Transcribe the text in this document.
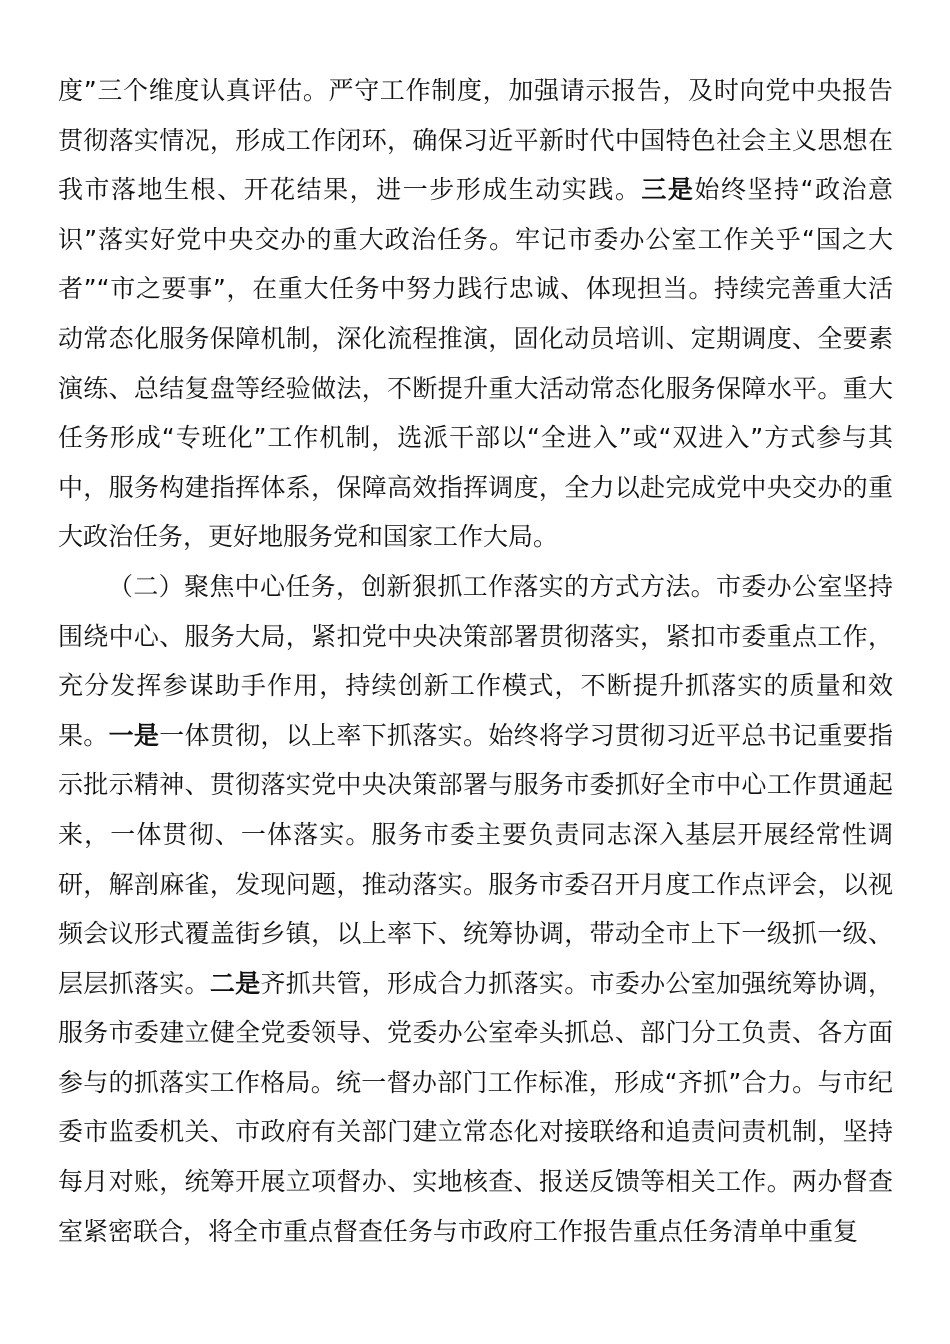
度”三个维度认真评估。严守工作制度，加强请示报告，及时向党中央报告贯彻落实情况，形成工作闭环，确保习近平新时代中国特色社会主义思想在我市落地生根、开花结果，进一步形成生动实践。三是始终坚持“政治意识”落实好党中央交办的重大政治任务。牢记市委办公室工作关乎“国之大者”“市之要事”，在重大任务中努力践行忠诚、体现担当。持续完善重大活动常态化服务保障机制，深化流程推演，固化动员培训、定期调度、全要素演练、总结复盘等经验做法，不断提升重大活动常态化服务保障水平。重大任务形成“专班化”工作机制，选派干部以“全进入”或“双进入”方式参与其中，服务构建指挥体系，保障高效指挥调度，全力以赴完成党中央交办的重大政治任务，更好地服务党和国家工作大局。

（二）聚焦中心任务，创新狠抓工作落实的方式方法。市委办公室坚持围绕中心、服务大局，紧扣党中央决策部署贯彻落实，紧扣市委重点工作，充分发挥参谋助手作用，持续创新工作模式，不断提升抓落实的质量和效果。一是一体贯彻，以上率下抓落实。始终将学习贯彻习近平总书记重要指示批示精神、贯彻落实党中央决策部署与服务市委抓好全市中心工作贯通起来，一体贯彻、一体落实。服务市委主要负责同志深入基层开展经常性调研，解剖麻雀，发现问题，推动落实。服务市委召开月度工作点评会，以视频会议形式覆盖街乡镇，以上率下、统筹协调，带动全市上下一级抓一级、层层抓落实。二是齐抓共管，形成合力抓落实。市委办公室加强统筹协调，服务市委建立健全党委领导、党委办公室牵头抓总、部门分工负责、各方面参与的抓落实工作格局。统一督办部门工作标准，形成“齐抓”合力。与市纪委市监委机关、市政府有关部门建立常态化对接联络和追责问责机制，坚持每月对账，统筹开展立项督办、实地核查、报送反馈等相关工作。两办督查室紧密联合，将全市重点督查任务与市政府工作报告重点任务清单中重复
